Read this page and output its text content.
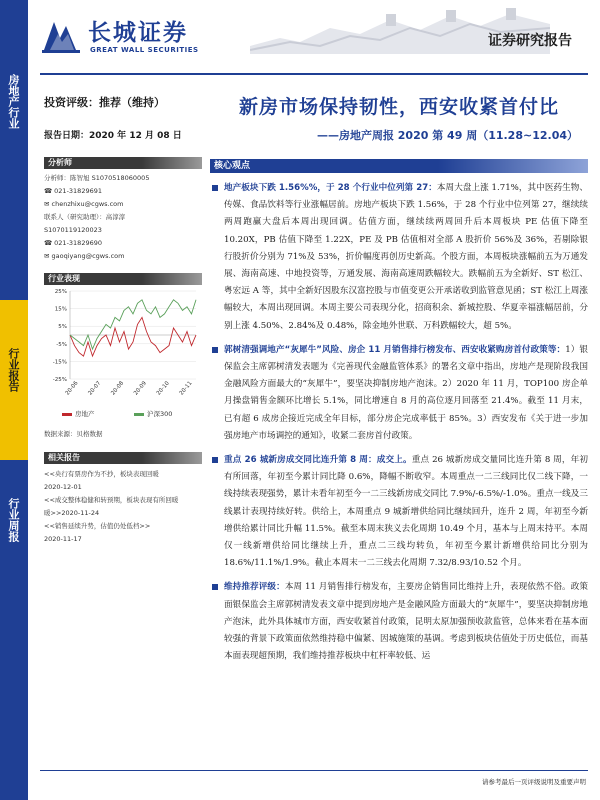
房地产行业
行业报告
行业周报
长城证券
GREAT WALL SECURITIES
证券研究报告
投资评级：推荐（维持）
报告日期：2020 年 12 月 08 日
分析师
分析师：陈智旭 S1070518060005
☎ 021-31829691
✉ chenzhixu@cgws.com
联系人（研究助理）：高淳淳
S1070119120023
☎ 021-31829690
✉ gaoqiyang@cgws.com
行业表现
25%
15%
5%
-5%
-15%
-25%
20-06 20-07 20-08 20-09 20-10 20-11
房地产	沪深300
数据来源：贝格数据
相关报告
<<央行有票房作为不抄，板块表现回暖
2020-12-01
<<成交整体稳健和转预期，板块表现有所回暖
暖>>2020-11-24
<<销售延续升势，估值仍处低档>>
2020-11-17
新房市场保持韧性，西安收紧首付比
——房地产周报 2020 第 49 周（11.28~12.04）
核心观点
地产板块下跌 1.56%%，于 28 个行业中位列第 27：本周大盘上涨 1.71%，其中医药生物、传媒、食品饮料等行业涨幅居前。房地产板块下跌 1.56%，于 28 个行业中位列第 27，继续续两周跑赢大盘后本周出现回调。估值方面，继续续两周回升后本周板块 PE 估值下降至 10.20X，PB 估值下降至 1.22X，PE 及 PB 估值相对全部 A 股折价 56%及 36%，若剔除银行股折价分别为 71%及 53%，折价幅度再创历史新高。个股方面，本周板块涨幅前五为万通发展、海南高速、中地投资等，万通发展、海南高速周跌幅较大。跌幅前五为全新好、ST 松江、粤宏远 A 等，其中全新好因股东汉富控股与市值变更公开承诺收到监管意见函；ST 松江上周涨幅较大，本周出现回调。本周主要公司表现分化，招商积余、新城控股、华夏幸福涨幅居前，分别上涨 4.50%、2.84%及 0.48%，除金地外世联、万科跌幅较大，超 5%。
郭树清强调地产“灰犀牛”风险、房企 11 月销售排行榜发布、西安收紧购房首付政策等：1）银保监会主席郭树清发表题为《完善现代金融监管体系》的署名文章中指出，房地产是现阶段我国金融风险方面最大的“灰犀牛”，要坚决抑制房地产泡沫。2）2020 年 11 月，TOP100 房企单月操盘销售金额环比增长 5.1%，同比增速自 8 月的高位逐月回落至 21.4%。截至 11 月末，已有超 6 成房企接近完成全年目标，部分房企完成率低于 85%。3）西安发布《关于进一步加强房地产市场调控的通知》，收紧二套房首付政策。
重点 26 城新房成交同比连升第 8 周：成交上。重点 26 城新房成交量同比连升第 8 周，年初有所回落，年初至今累计同比降 0.6%，降幅不断收窄。本周重点一二三线同比仅二线下降，一线持续表现强势，累计未看年初至今一二三线新房成交同比 7.9%/-6.5%/-1.0%。重点一线及三线累计表现持续好转。供给上，本周重点 9 城新增供给同比继续回升，连升 2 周，年初至今新增供给累计同比升幅 11.5%。截至本周末狭义去化周期 10.49 个月，基本与上周末持平。本周仅一线新增供给同比继续上升，重点二三线均转负，年初至今累计新增供给同比分别为 18.6%/11.1%/1.9%。截止本周末一二三线去化周期 7.32/8.93/10.52 个月。
维持推荐评级：本周 11 月销售排行榜发布，主要房企销售同比维持上升，表现依然不俗。政策面银保监会主席郭树清发表文章中提到房地产是金融风险方面最大的“灰犀牛”，要坚决抑制房地产泡沫，此外具体城市方面，西安收紧首付政策，昆明太原加强预收款监管，总体来看在基本面较强的背景下政策面依然维持稳中偏紧、因城施策的基调。考虑到板块估值处于历史低位，而基本面表现超预期，我们维持推荐板块中杠杆率较低、运
请参考最后一页评级说明及重要声明
